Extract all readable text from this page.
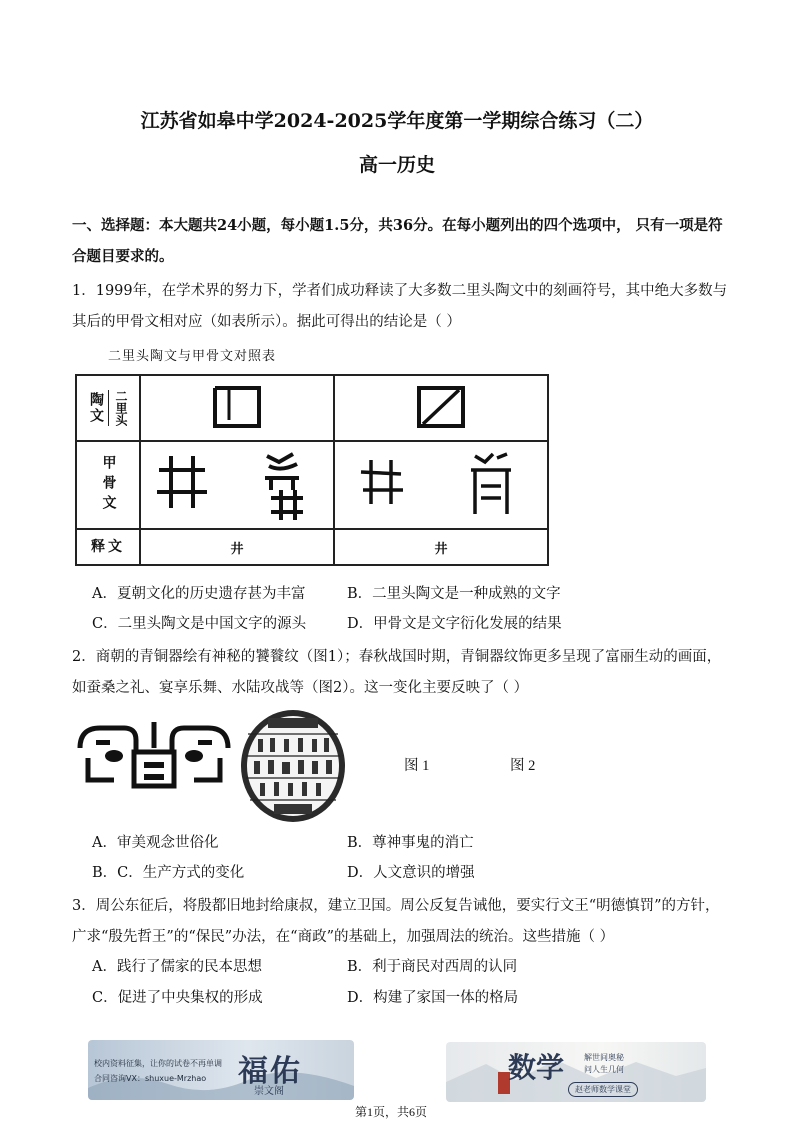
江苏省如皋中学2024-2025学年度第一学期综合练习（二）
高一历史
一、选择题：本大题共24小题，每小题1.5分，共36分。在每小题列出的四个选项中， 只有一项是符合题目要求的。
1．1999年，在学术界的努力下，学者们成功释读了大多数二里头陶文中的刻画符号，其中绝大多数与其后的甲骨文相对应（如表所示）。据此可得出的结论是（ ）
二里头陶文与甲骨文对照表
陶文 二里头

甲骨文

释文	井	井
A．夏朝文化的历史遗存甚为丰富	B．二里头陶文是一种成熟的文字
C．二里头陶文是中国文字的源头	D．甲骨文是文字衍化发展的结果
2．商朝的青铜器绘有神秘的饕餮纹（图1）；春秋战国时期，青铜器纹饰更多呈现了富丽生动的画面，如蚕桑之礼、宴享乐舞、水陆攻战等（图2）。这一变化主要反映了（ ）
图 1	图 2
A．审美观念世俗化	B．尊神事鬼的消亡
B．C．生产方式的变化	D．人文意识的增强
3．周公东征后，将殷都旧地封给康叔，建立卫国。周公反复告诫他，要实行文王“明德慎罚”的方针，广求“殷先哲王”的“保民”办法，在“商政”的基础上，加强周法的统治。这些措施（ ）
A．践行了儒家的民本思想	B．利于商民对西周的认同
C．促进了中央集权的形成	D．构建了家国一体的格局
校内资料征集，让你的试卷不再单调
合同咨询VX：shuxue-Mrzhao 福佑
崇文阁
第1页，共6页
数学 解世间奥秘
问人生几何
赵老师数学课堂
